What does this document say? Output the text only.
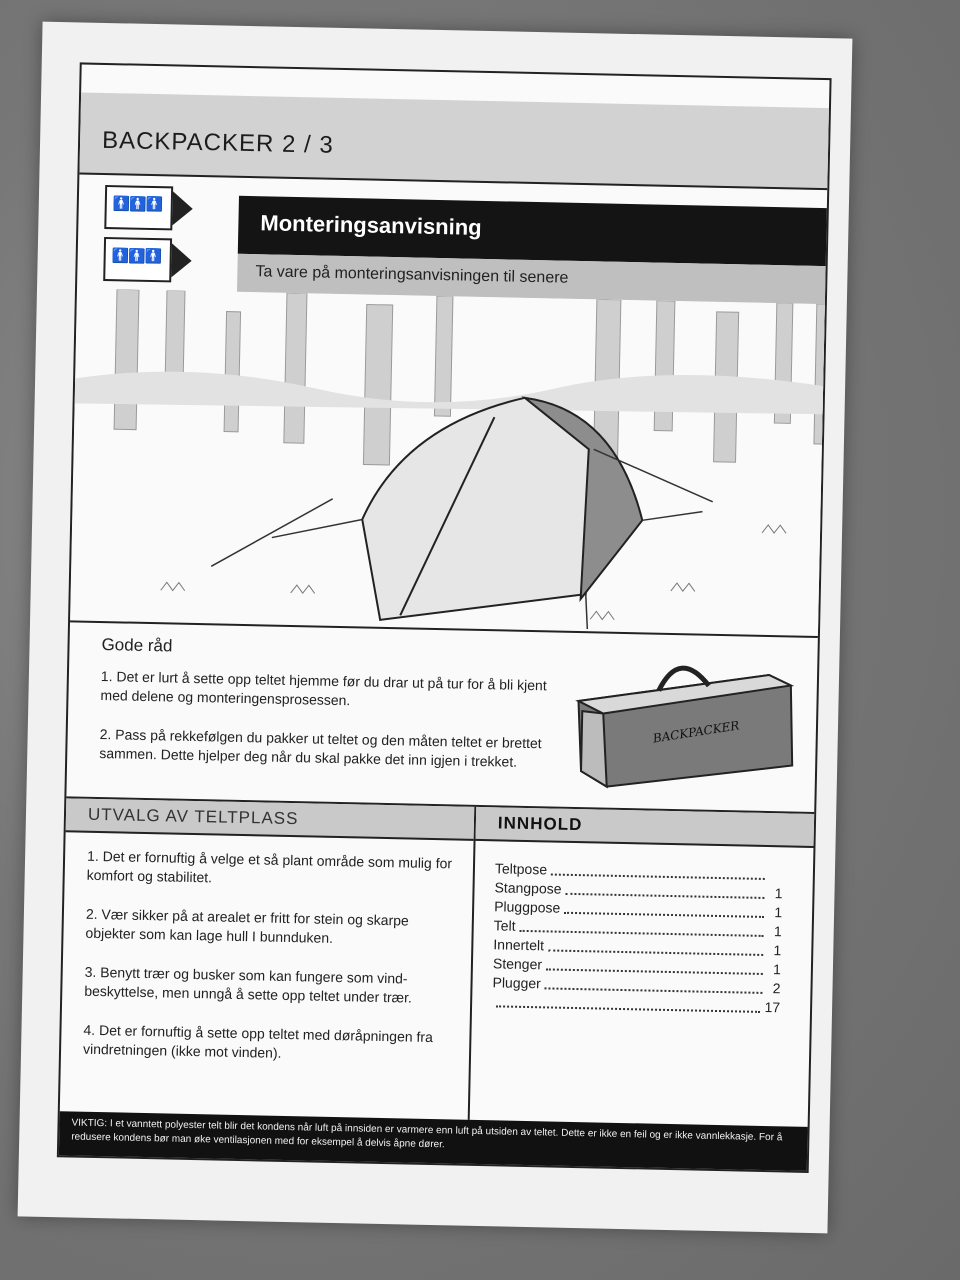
BACKPACKER 2 / 3
🚹🚹🚹
🚹🚹🚹
Monteringsanvisning
Ta vare på monteringsanvisningen til senere
Gode råd
1. Det er lurt å sette opp teltet hjemme før du drar ut på tur for å bli kjent med delene og monteringensprosessen.
2. Pass på rekkefølgen du pakker ut teltet og den måten teltet er brettet sammen. Dette hjelper deg når du skal pakke det inn igjen i trekket.
BACKPACKER
UTVALG AV TELTPLASS
1. Det er fornuftig å velge et så plant område som mulig for komfort og stabilitet.
2. Vær sikker på at arealet er fritt for stein og skarpe objekter som kan lage hull I bunnduken.
3. Benytt trær og busker som kan fungere som vind-beskyttelse, men unngå å sette opp teltet under trær.
4. Det er fornuftig å sette opp teltet med døråpningen fra vindretningen (ikke mot vinden).
INNHOLD
Teltpose
Stangpose	1
Pluggpose	1
Telt	1
Innertelt	1
Stenger	1
Plugger	2
17
VIKTIG: I et vanntett polyester telt blir det kondens når luft på innsiden er varmere enn luft på utsiden av teltet. Dette er ikke en feil og er ikke vannlekkasje. For å redusere kondens bør man øke ventilasjonen med for eksempel å delvis åpne dører.
